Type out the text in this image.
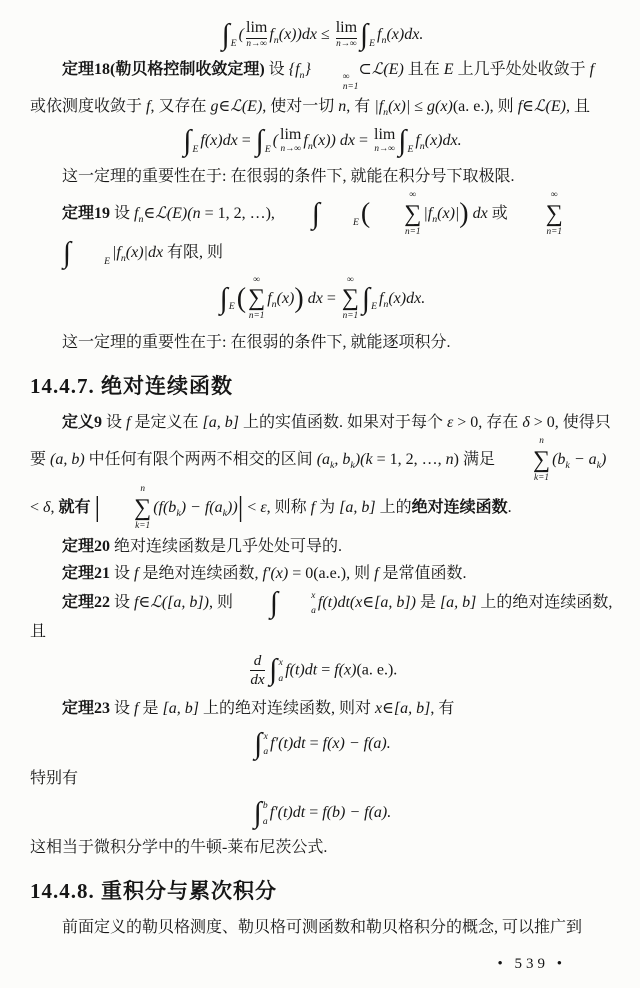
∫ E
( lim
n→∞
$f_n(x))dx \le \lim$
n→∞ ∫ E
$f_n(x)dx$.

定理18(勒贝格控制收敛定理) 设 $\{f_n\}$	∞
n=1
⊂ℒ(E) 且在 E 上几乎处处收敛于 f 或依测度收敛于 f, 又存在 g∈ℒ(E), 使对一切 n, 有 $|f_n(x)| \le g(x)(a$. e.), 则 f∈ℒ(E), 且

∫ E
f(x)dx = ∫ E
( lim
n→∞ $f_n(x)$) dx = lim
n→∞ ∫ E
$f_n(x)dx$.

这一定理的重要性在于: 在很弱的条件下, 就能在积分号下取极限.

定理19 设 $f_n\in ℒ(E)(n = 1$, 2, …),	∫	E (
∞
∑
n=1
$|f_n(x)|$) dx 或
∞
∑
n=1
∫	E
$|f_n(x)|dx$ 有限, 则

∫ E (
∞
∑
n=1
$f_n(x)$) dx =
∞
∑
n=1
∫ E
$f_n(x)dx$.

这一定理的重要性在于: 在很弱的条件下, 就能逐项积分.

14.4.7. 绝对连续函数

定义9 设 f 是定义在 [a, b] 上的实值函数. 如果对于每个 ε > 0, 存在 δ > 0, 使得只要 (a, b) 中任何有限个两两不相交的区间 ($a_k$, $b_k)(k = 1$, 2, …, n) 满足
n
∑
k=1
$(b_k - a_k) < \delta$, 就有 |
n
∑
k=1
$(f(b_k) - f(a_k))| < \varepsilon$, 则称 f 为 [a, b] 上的绝对连续函数.

定理20 绝对连续函数是几乎处处可导的.

定理21 设 f 是绝对连续函数, f′(x) = 0(a.e.), 则 f 是常值函数.

定理22 设 f∈ℒ([a, b]), 则	∫	x
a
f(t)dt(x∈[a, b]) 是 [a, b] 上的绝对连续函数, 且

$\frac{d}{dx}$ ∫ x
a
f(t)dt = f(x)(a. e.).

定理23 设 f 是 [a, b] 上的绝对连续函数, 则对 x∈[a, b], 有

∫ x
a
f′(t)dt = f(x) − f(a).

特别有

∫ b
a
f′(t)dt = f(b) − f(a).

这相当于微积分学中的牛顿-莱布尼茨公式.

14.4.8. 重积分与累次积分

前面定义的勒贝格测度、勒贝格可测函数和勒贝格积分的概念, 可以推广到

• 539 •
